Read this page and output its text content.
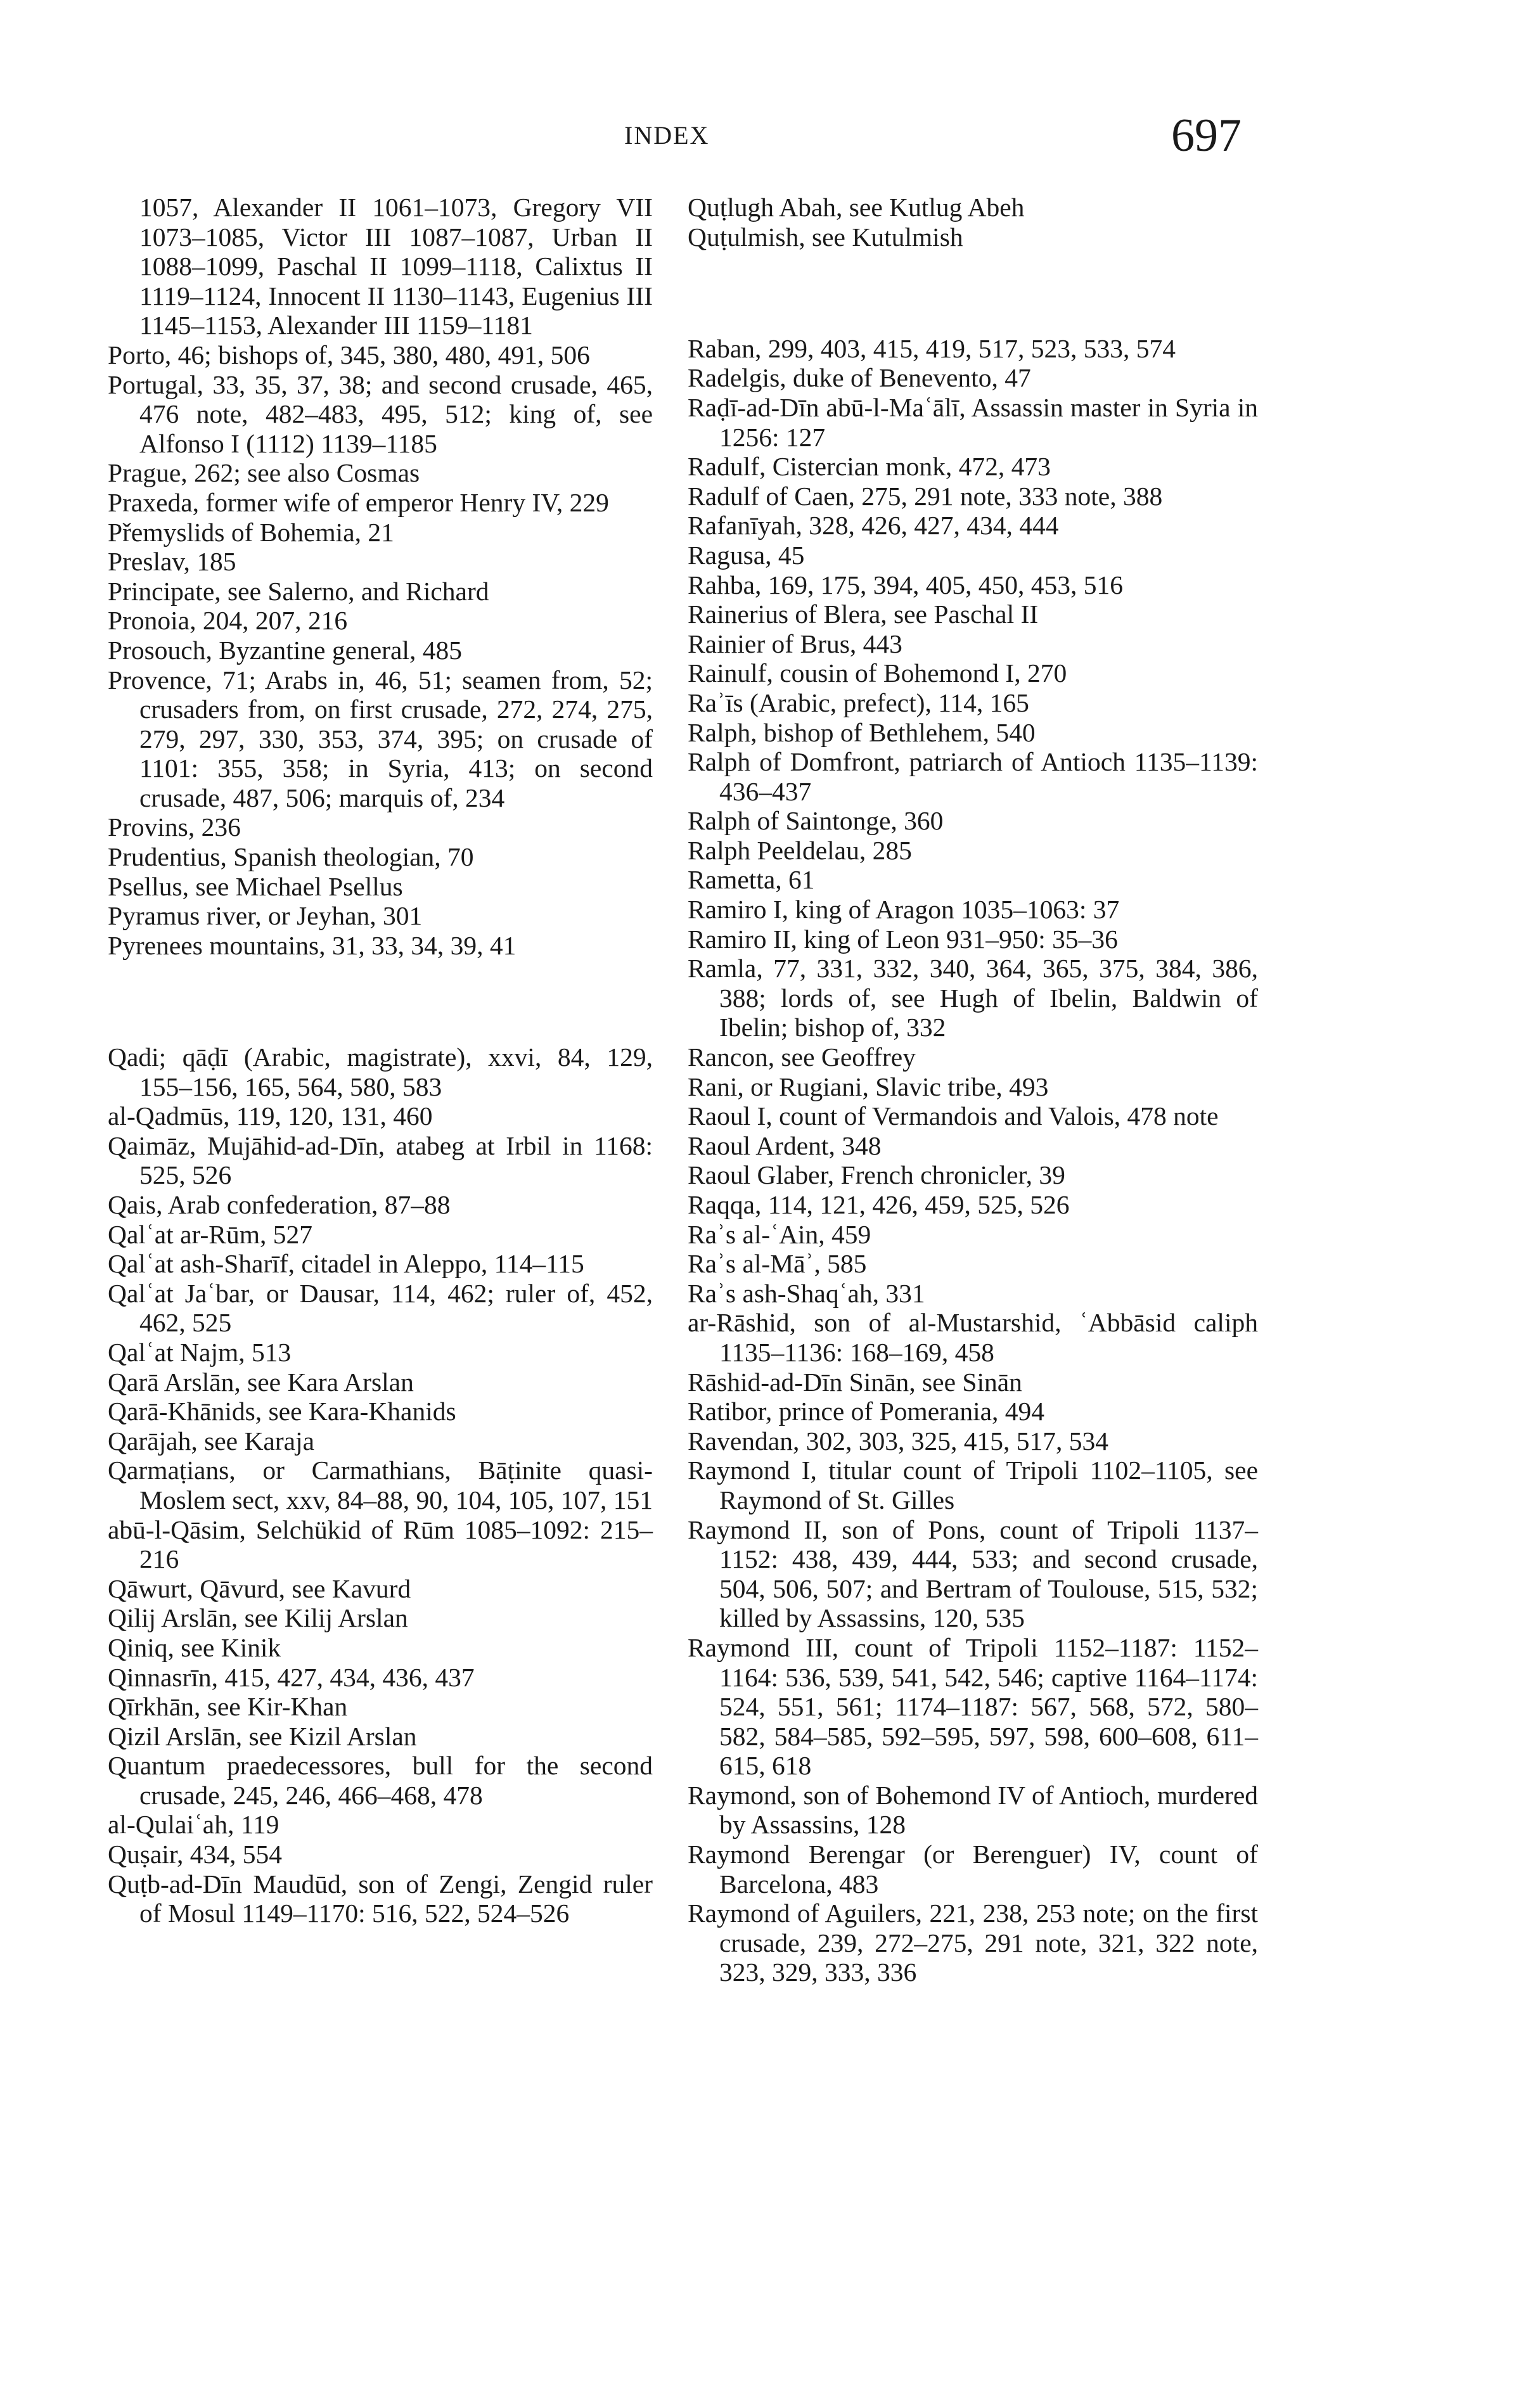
INDEX	697

1057, Alexander II 1061–1073, Gregory VII 1073–1085, Victor III 1087–1087, Urban II 1088–1099, Paschal II 1099–1118, Calixtus II 1119–1124, Innocent II 1130–1143, Eugenius III 1145–1153, Alexander III 1159–1181

Porto, 46; bishops of, 345, 380, 480, 491, 506

Portugal, 33, 35, 37, 38; and second crusade, 465, 476 note, 482–483, 495, 512; king of, see Alfonso I (1112) 1139–1185

Prague, 262; see also Cosmas

Praxeda, former wife of emperor Henry IV, 229

Přemyslids of Bohemia, 21

Preslav, 185

Principate, see Salerno, and Richard

Pronoia, 204, 207, 216

Prosouch, Byzantine general, 485

Provence, 71; Arabs in, 46, 51; seamen from, 52; crusaders from, on first crusade, 272, 274, 275, 279, 297, 330, 353, 374, 395; on crusade of 1101: 355, 358; in Syria, 413; on second crusade, 487, 506; marquis of, 234

Provins, 236

Prudentius, Spanish theologian, 70

Psellus, see Michael Psellus

Pyramus river, or Jeyhan, 301

Pyrenees mountains, 31, 33, 34, 39, 41

Qadi; qāḍī (Arabic, magistrate), xxvi, 84, 129, 155–156, 165, 564, 580, 583

al-Qadmūs, 119, 120, 131, 460

Qaimāz, Mujāhid-ad-Dīn, atabeg at Irbil in 1168: 525, 526

Qais, Arab confederation, 87–88

Qalʿat ar-Rūm, 527

Qalʿat ash-Sharīf, citadel in Aleppo, 114–115

Qalʿat Jaʿbar, or Dausar, 114, 462; ruler of, 452, 462, 525

Qalʿat Najm, 513

Qarā Arslān, see Kara Arslan

Qarā-Khānids, see Kara-Khanids

Qarājah, see Karaja

Qarmaṭians, or Carmathians, Bāṭinite quasi-Moslem sect, xxv, 84–88, 90, 104, 105, 107, 151

abū-l-Qāsim, Selchükid of Rūm 1085–1092: 215–216

Qāwurt, Qāvurd, see Kavurd

Qilij Arslān, see Kilij Arslan

Qiniq, see Kinik

Qinnasrīn, 415, 427, 434, 436, 437

Qīrkhān, see Kir-Khan

Qizil Arslān, see Kizil Arslan

Quantum praedecessores, bull for the second crusade, 245, 246, 466–468, 478

al-Qulaiʿah, 119

Quṣair, 434, 554

Quṭb-ad-Dīn Maudūd, son of Zengi, Zengid ruler of Mosul 1149–1170: 516, 522, 524–526

Quṭlugh Abah, see Kutlug Abeh

Quṭulmish, see Kutulmish

Raban, 299, 403, 415, 419, 517, 523, 533, 574

Radelgis, duke of Benevento, 47

Raḍī-ad-Dīn abū-l-Maʿālī, Assassin master in Syria in 1256: 127

Radulf, Cistercian monk, 472, 473

Radulf of Caen, 275, 291 note, 333 note, 388

Rafanīyah, 328, 426, 427, 434, 444

Ragusa, 45

Rahba, 169, 175, 394, 405, 450, 453, 516

Rainerius of Blera, see Paschal II

Rainier of Brus, 443

Rainulf, cousin of Bohemond I, 270

Raʾīs (Arabic, prefect), 114, 165

Ralph, bishop of Bethlehem, 540

Ralph of Domfront, patriarch of Antioch 1135–1139: 436–437

Ralph of Saintonge, 360

Ralph Peeldelau, 285

Rametta, 61

Ramiro I, king of Aragon 1035–1063: 37

Ramiro II, king of Leon 931–950: 35–36

Ramla, 77, 331, 332, 340, 364, 365, 375, 384, 386, 388; lords of, see Hugh of Ibelin, Baldwin of Ibelin; bishop of, 332

Rancon, see Geoffrey

Rani, or Rugiani, Slavic tribe, 493

Raoul I, count of Vermandois and Valois, 478 note

Raoul Ardent, 348

Raoul Glaber, French chronicler, 39

Raqqa, 114, 121, 426, 459, 525, 526

Raʾs al-ʿAin, 459

Raʾs al-Māʾ, 585

Raʾs ash-Shaqʿah, 331

ar-Rāshid, son of al-Mustarshid, ʿAbbāsid caliph 1135–1136: 168–169, 458

Rāshid-ad-Dīn Sinān, see Sinān

Ratibor, prince of Pomerania, 494

Ravendan, 302, 303, 325, 415, 517, 534

Raymond I, titular count of Tripoli 1102–1105, see Raymond of St. Gilles

Raymond II, son of Pons, count of Tripoli 1137–1152: 438, 439, 444, 533; and second crusade, 504, 506, 507; and Bertram of Toulouse, 515, 532; killed by Assassins, 120, 535

Raymond III, count of Tripoli 1152–1187: 1152–1164: 536, 539, 541, 542, 546; captive 1164–1174: 524, 551, 561; 1174–1187: 567, 568, 572, 580–582, 584–585, 592–595, 597, 598, 600–608, 611–615, 618

Raymond, son of Bohemond IV of Antioch, murdered by Assassins, 128

Raymond Berengar (or Berenguer) IV, count of Barcelona, 483

Raymond of Aguilers, 221, 238, 253 note; on the first crusade, 239, 272–275, 291 note, 321, 322 note, 323, 329, 333, 336
